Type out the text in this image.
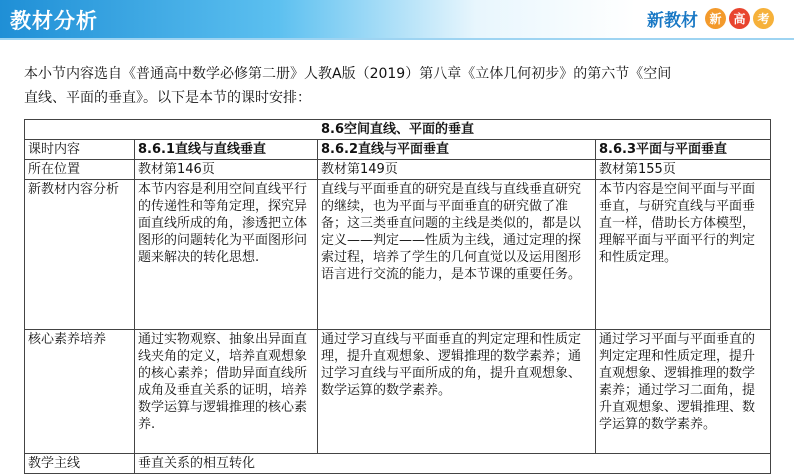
教材分析	新教材 新 高 考
本小节内容选自《普通高中数学必修第二册》人教A版（2019）第八章《立体几何初步》的第六节《空间
直线、平面的垂直》。以下是本节的课时安排：
8.6空间直线、平面的垂直			
课时内容	8.6.1直线与直线垂直	8.6.2直线与平面垂直	8.6.3平面与平面垂直
所在位置	教材第146页	教材第149页	教材第155页
新教材内容分析	本节内容是利用空间直线平行的传递性和等角定理，探究异面直线所成的角，渗透把立体图形的问题转化为平面图形问题来解决的转化思想.	直线与平面垂直的研究是直线与直线垂直研究的继续，也为平面与平面垂直的研究做了准备；这三类垂直问题的主线是类似的，都是以定义——判定——性质为主线，通过定理的探索过程，培养了学生的几何直觉以及运用图形语言进行交流的能力，是本节课的重要任务。	本节内容是空间平面与平面垂直，与研究直线与平面垂直一样，借助长方体模型，理解平面与平面平行的判定和性质定理。
核心素养培养	通过实物观察、抽象出异面直线夹角的定义，培养直观想象的核心素养；借助异面直线所成角及垂直关系的证明，培养数学运算与逻辑推理的核心素养.	通过学习直线与平面垂直的判定定理和性质定理，提升直观想象、逻辑推理的数学素养；通过学习直线与平面所成的角，提升直观想象、数学运算的数学素养。	通过学习平面与平面垂直的判定定理和性质定理，提升直观想象、逻辑推理的数学素养；通过学习二面角，提升直观想象、逻辑推理、数学运算的数学素养。
教学主线	垂直关系的相互转化		
